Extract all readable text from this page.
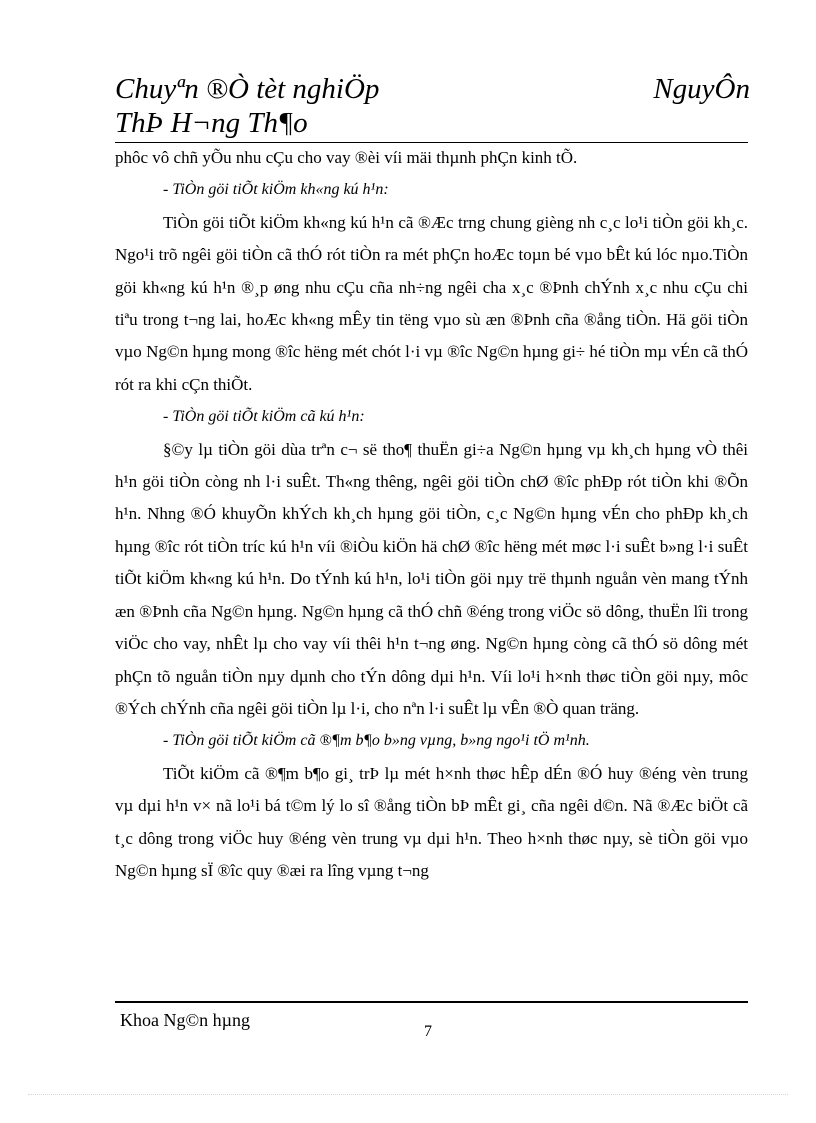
Chuyªn ®Ò tèt nghiÖp	NguyÔn
ThÞ H¬ng Th¶o

phôc vô chñ yÕu nhu cÇu cho vay ®èi víi mäi thµnh phÇn kinh tÕ.

- TiÒn göi tiÕt kiÖm kh«ng kú h¹n:

TiÒn göi tiÕt kiÖm kh«ng kú h¹n cã ®Æc trng chung gièng nh c¸c lo¹i tiÒn göi kh¸c. Ngo¹i trõ ngêi göi tiÒn cã thÓ rót tiÒn ra mét phÇn hoÆc toµn bé vµo bÊt kú lóc nµo.TiÒn göi kh«ng kú h¹n ®¸p øng nhu cÇu cña nh÷ng ngêi cha x¸c ®Þnh chÝnh x¸c nhu cÇu chi tiªu trong t¬ng lai, hoÆc kh«ng mÊy tin tëng vµo sù æn ®Þnh cña ®ång tiÒn. Hä göi tiÒn vµo Ng©n hµng mong ®îc hëng mét chót l·i vµ ®îc Ng©n hµng gi÷ hé tiÒn mµ vÉn cã thÓ rót ra khi cÇn thiÕt.

- TiÒn göi tiÕt kiÖm cã kú h¹n:

§©y lµ tiÒn göi dùa trªn c¬ së tho¶ thuËn gi÷a Ng©n hµng vµ kh¸ch hµng vÒ thêi h¹n göi tiÒn còng nh l·i suÊt. Th«ng thêng, ngêi göi tiÒn chØ ®îc phÐp rót tiÒn khi ®Õn h¹n. Nhng ®Ó khuyÕn khÝch kh¸ch hµng göi tiÒn, c¸c Ng©n hµng vÉn cho phÐp kh¸ch hµng ®îc rót tiÒn tríc kú h¹n víi ®iÒu kiÖn hä chØ ®îc hëng mét møc l·i suÊt b»ng l·i suÊt tiÕt kiÖm kh«ng kú h¹n. Do tÝnh kú h¹n, lo¹i tiÒn göi nµy trë thµnh nguån vèn mang tÝnh æn ®Þnh cña Ng©n hµng. Ng©n hµng cã thÓ chñ ®éng trong viÖc sö dông, thuËn lîi trong viÖc cho vay, nhÊt lµ cho vay víi thêi h¹n t¬ng øng. Ng©n hµng còng cã thÓ sö dông mét phÇn tõ nguån tiÒn nµy dµnh cho tÝn dông dµi h¹n. Víi lo¹i h×nh thøc tiÒn göi nµy, môc ®Ých chÝnh cña ngêi göi tiÒn lµ l·i, cho nªn l·i suÊt lµ vÊn ®Ò quan träng.

- TiÒn göi tiÕt kiÖm cã ®¶m b¶o b»ng vµng, b»ng ngo¹i tÖ m¹nh.

TiÕt kiÖm cã ®¶m b¶o gi¸ trÞ lµ mét h×nh thøc hÊp dÉn ®Ó huy ®éng vèn trung vµ dµi h¹n v× nã lo¹i bá t©m lý lo sî ®ång tiÒn bÞ mÊt gi¸ cña ngêi d©n. Nã ®Æc biÖt cã t¸c dông trong viÖc huy ®éng vèn trung vµ dµi h¹n. Theo h×nh thøc nµy, sè tiÒn göi vµo Ng©n hµng sÏ ®îc quy ®æi ra lîng vµng t¬ng

Khoa Ng©n hµng
7
